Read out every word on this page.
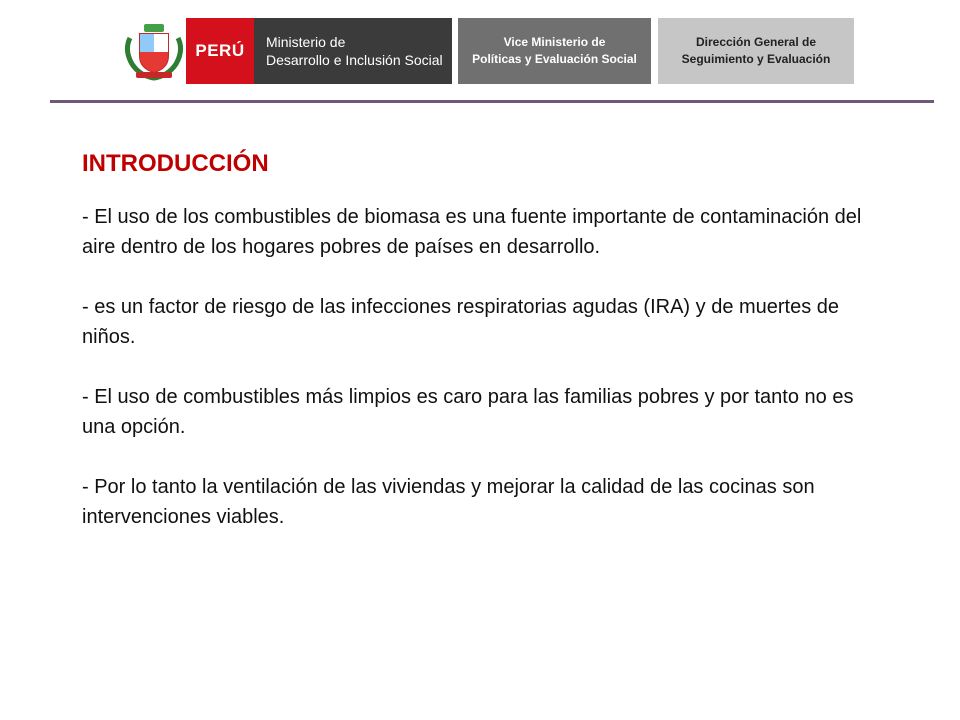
PERÚ Ministerio de
Desarrollo e Inclusión Social
Vice Ministerio de
Políticas y Evaluación Social
Dirección General de
Seguimiento y Evaluación
INTRODUCCIÓN

- El uso de los combustibles de biomasa es una fuente importante de contaminación del aire dentro de los hogares pobres de países en desarrollo.

- es un factor de riesgo de las infecciones respiratorias agudas (IRA) y de muertes de niños.

- El uso de combustibles más limpios es caro para las familias pobres y por tanto no es una opción.

- Por lo tanto la ventilación de las viviendas y mejorar la calidad de las cocinas son intervenciones viables.
